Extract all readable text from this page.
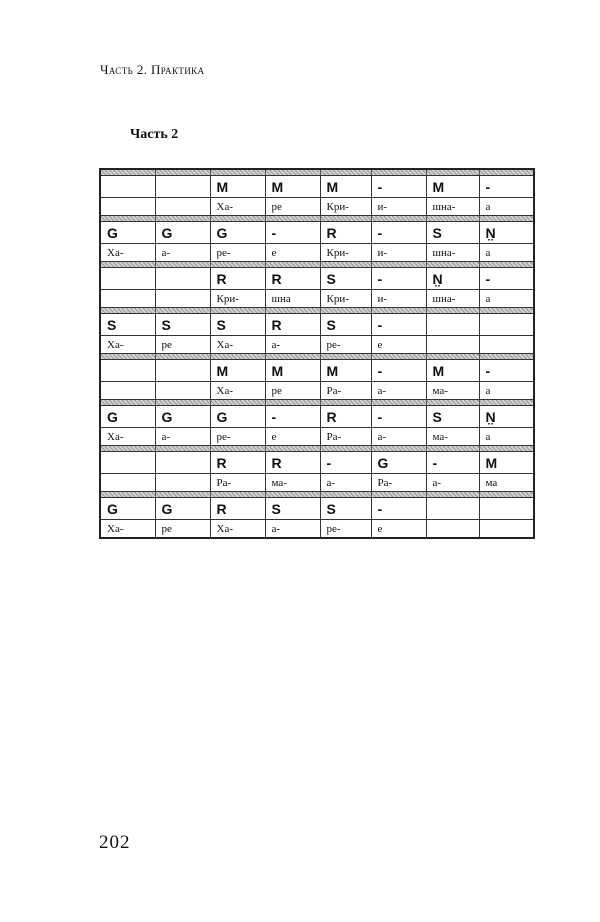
Часть 2. Практика
Часть 2

		M	M	M	-	M	-
		Ха-	ре	Кри-	и-	шна-	а

G	G	G	-	R	-	S	N̤
Ха-	а-	ре-	е	Кри-	и-	шна-	а

		R	R	S	-	N̤	-
		Кри-	шна	Кри-	и-	шна-	а

S	S	S	R	S	-		
Ха-	ре	Ха-	а-	ре-	е		

		M	M	M	-	M	-
		Ха-	ре	Ра-	а-	ма-	а

G	G	G	-	R	-	S	N̤
Ха-	а-	ре-	е	Ра-	а-	ма-	а

		R	R	-	G	-	M
		Ра-	ма-	а-	Ра-	а-	ма

G	G	R	S	S	-		
Ха-	ре	Ха-	а-	ре-	е		
202
